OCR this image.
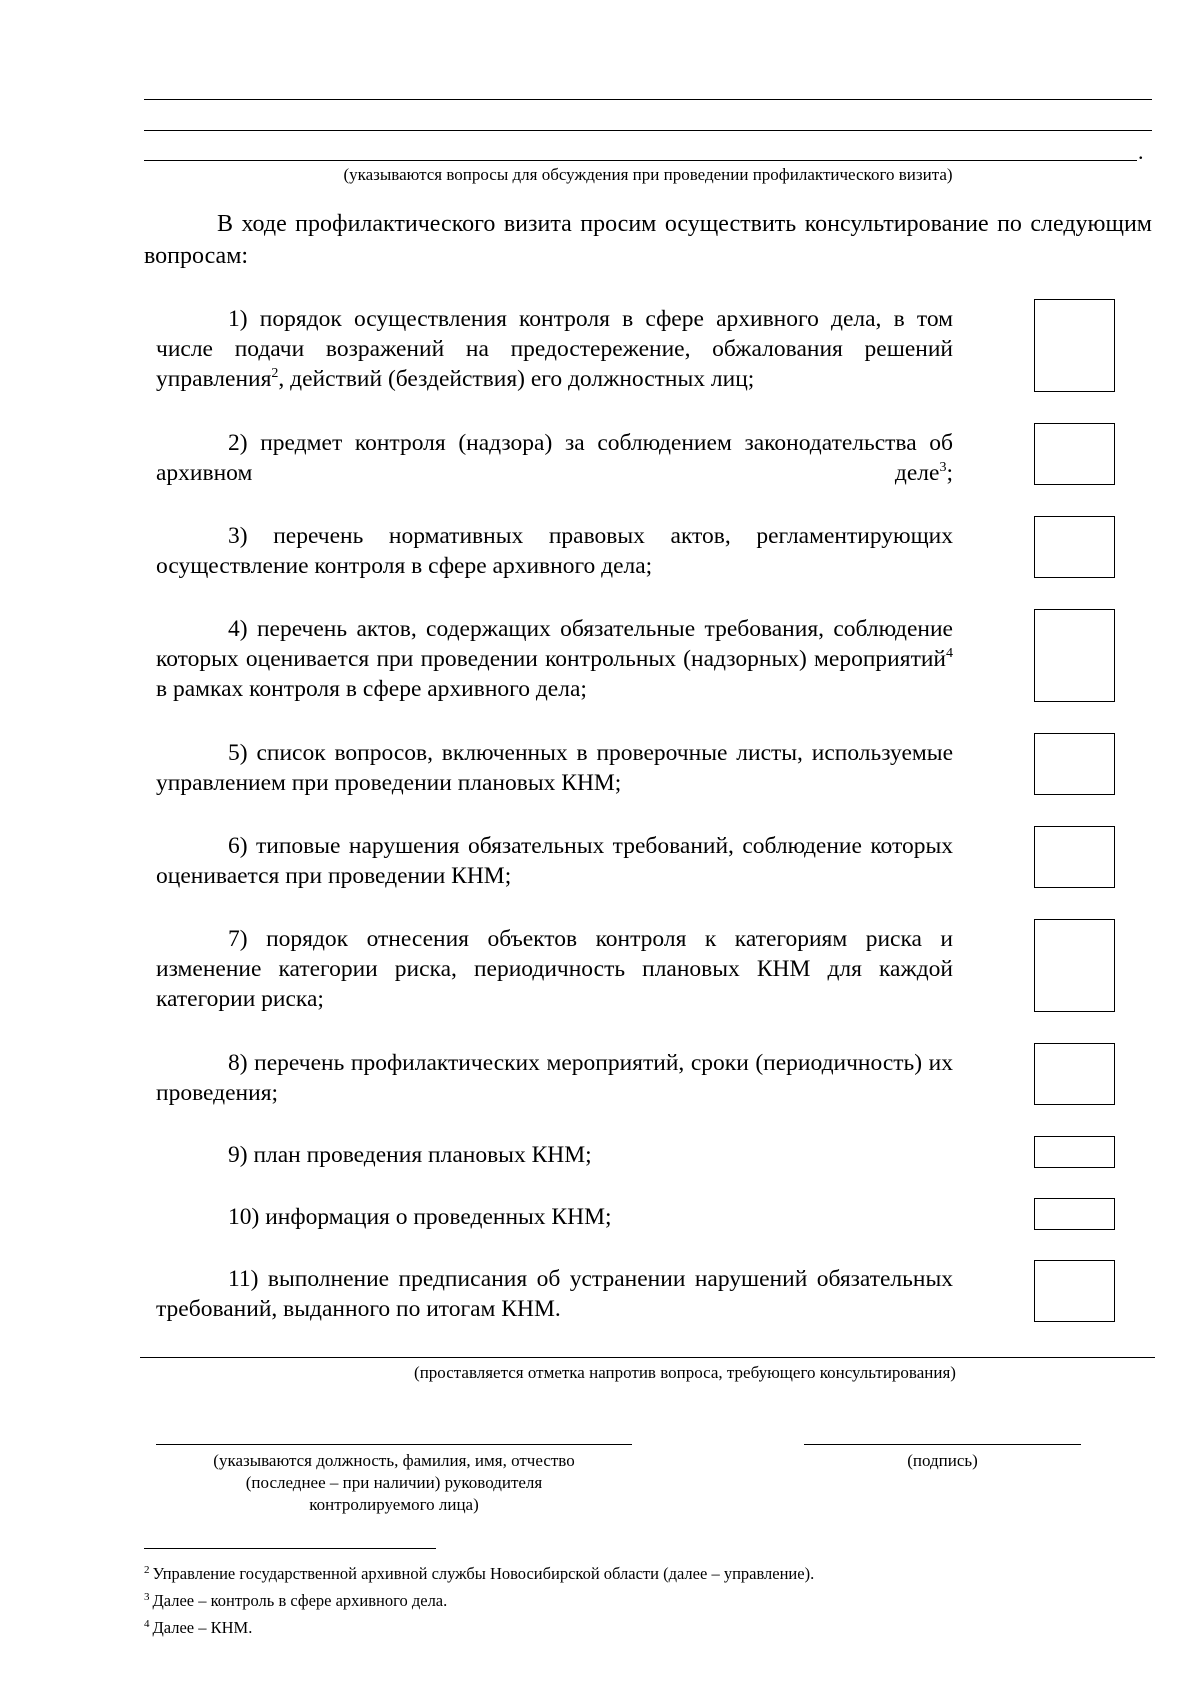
.
(указываются вопросы для обсуждения при проведении профилактического визита)
В ходе профилактического визита просим осуществить консультирование по следующим вопросам:
1) порядок осуществления контроля в сфере архивного дела, в том числе подачи возражений на предостережение, обжалования решений управления$^2$, действий (бездействия) его должностных лиц;
2) предмет контроля (надзора) за соблюдением законодательства об архивном деле$^3$;
3) перечень нормативных правовых актов, регламентирующих осуществление контроля в сфере архивного дела;
4) перечень актов, содержащих обязательные требования, соблюдение которых оценивается при проведении контрольных (надзорных) мероприятий$^4$ в рамках контроля в сфере архивного дела;
5) список вопросов, включенных в проверочные листы, используемые управлением при проведении плановых КНМ;
6) типовые нарушения обязательных требований, соблюдение которых оценивается при проведении КНМ;
7) порядок отнесения объектов контроля к категориям риска и изменение категории риска, периодичность плановых КНМ для каждой категории риска;
8) перечень профилактических мероприятий, сроки (периодичность) их проведения;
9) план проведения плановых КНМ;
10) информация о проведенных КНМ;
11) выполнение предписания об устранении нарушений обязательных требований, выданного по итогам КНМ.
(проставляется отметка напротив вопроса, требующего консультирования)
(указываются должность, фамилия, имя, отчество
(последнее – при наличии) руководителя
контролируемого лица)
(подпись)
$^2$ Управление государственной архивной службы Новосибирской области (далее – управление).
$^3$ Далее – контроль в сфере архивного дела.
$^4$ Далее – КНМ.
